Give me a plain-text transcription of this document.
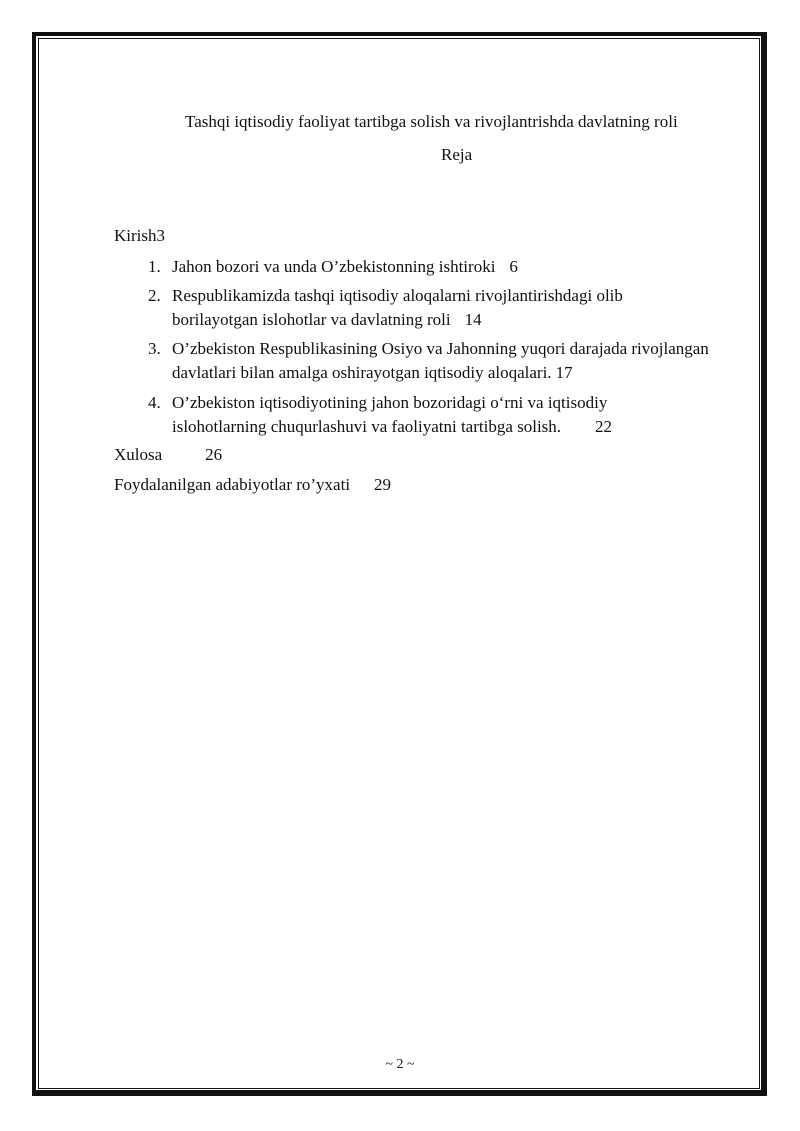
Tashqi iqtisodiy faoliyat tartibga solish va rivojlantrishda davlatning roli
Reja
Kirish3
1. Jahon bozori va unda O’zbekistonning ishtiroki 6
2. Respublikamizda tashqi iqtisodiy aloqalarni rivojlantirishdagi olib borilayotgan islohotlar va davlatning roli 14
3. O’zbekiston Respublikasining Osiyo va Jahonning yuqori darajada rivojlangan davlatlari bilan amalga oshirayotgan iqtisodiy aloqalari. 17
4. O’zbekiston iqtisodiyotining jahon bozoridagi o‘rni va iqtisodiy islohotlarning chuqurlashuvi va faoliyatni tartibga solish. 22
Xulosa	26
Foydalanilgan adabiyotlar ro’yxati 29
~ 2 ~
